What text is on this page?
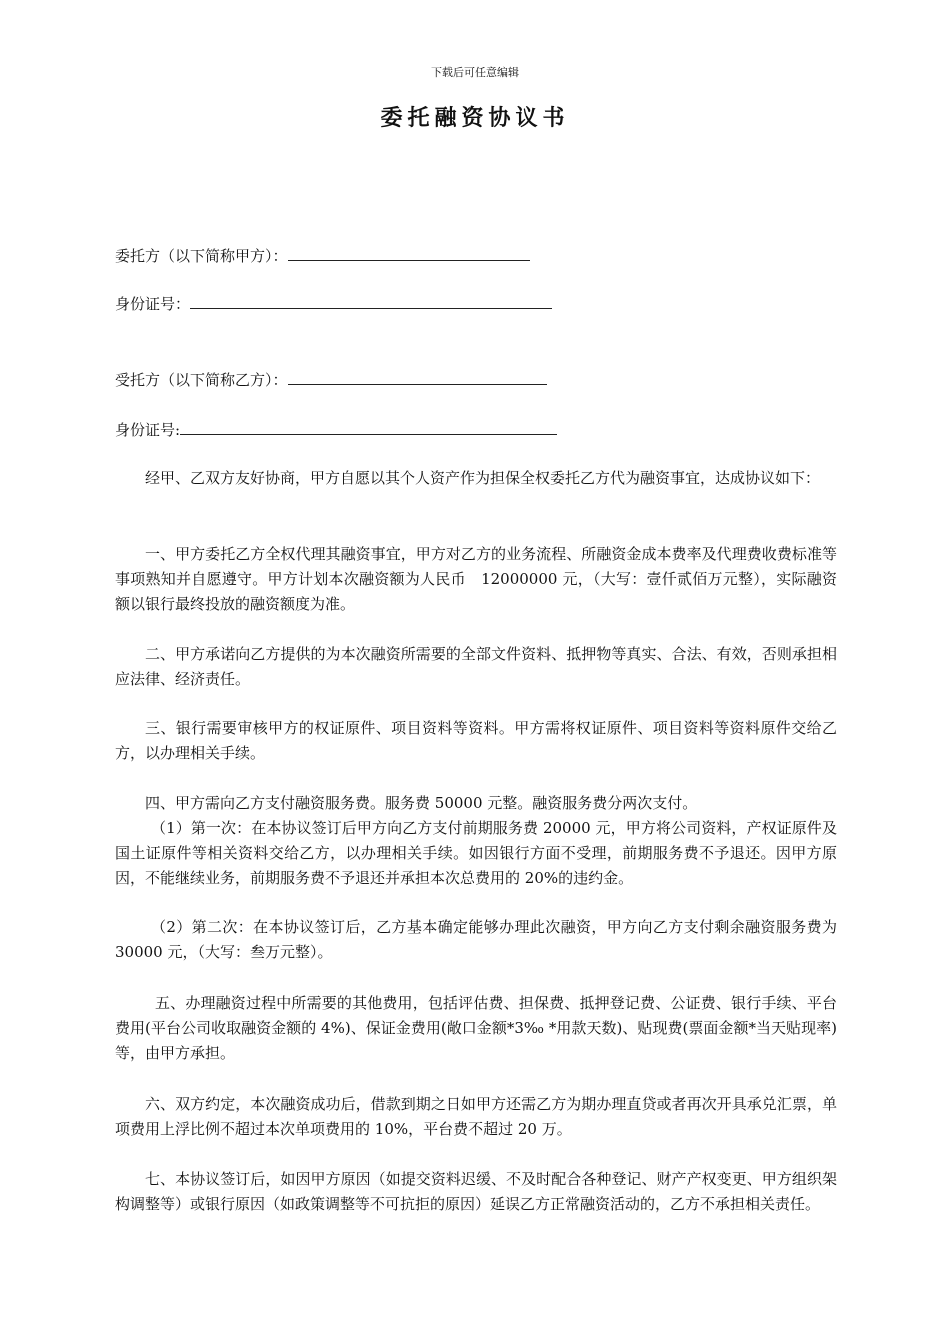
下载后可任意编辑
委托融资协议书
委托方（以下简称甲方）：
身份证号：
受托方（以下简称乙方）：
身份证号:
经甲、乙双方友好协商，甲方自愿以其个人资产作为担保全权委托乙方代为融资事宜，达成协议如下：
一、甲方委托乙方全权代理其融资事宜，甲方对乙方的业务流程、所融资金成本费率及代理费收费标准等事项熟知并自愿遵守。甲方计划本次融资额为人民币　12000000 元，（大写：壹仟贰佰万元整），实际融资额以银行最终投放的融资额度为准。
二、甲方承诺向乙方提供的为本次融资所需要的全部文件资料、抵押物等真实、合法、有效，否则承担相应法律、经济责任。
三、银行需要审核甲方的权证原件、项目资料等资料。甲方需将权证原件、项目资料等资料原件交给乙方，以办理相关手续。
四、甲方需向乙方支付融资服务费。服务费 50000 元整。融资服务费分两次支付。
（1）第一次：在本协议签订后甲方向乙方支付前期服务费 20000 元，甲方将公司资料，产权证原件及国土证原件等相关资料交给乙方，以办理相关手续。如因银行方面不受理，前期服务费不予退还。因甲方原因，不能继续业务，前期服务费不予退还并承担本次总费用的 20%的违约金。
（2）第二次：在本协议签订后，乙方基本确定能够办理此次融资，甲方向乙方支付剩余融资服务费为 30000 元，（大写：叁万元整）。
五、办理融资过程中所需要的其他费用，包括评估费、担保费、抵押登记费、公证费、银行手续、平台费用(平台公司收取融资金额的 4%)、保证金费用(敞口金额*3‰ *用款天数)、贴现费(票面金额*当天贴现率)等，由甲方承担。
六、双方约定，本次融资成功后，借款到期之日如甲方还需乙方为期办理直贷或者再次开具承兑汇票，单项费用上浮比例不超过本次单项费用的 10%，平台费不超过 20 万。
七、本协议签订后，如因甲方原因（如提交资料迟缓、不及时配合各种登记、财产产权变更、甲方组织架构调整等）或银行原因（如政策调整等不可抗拒的原因）延误乙方正常融资活动的，乙方不承担相关责任。
